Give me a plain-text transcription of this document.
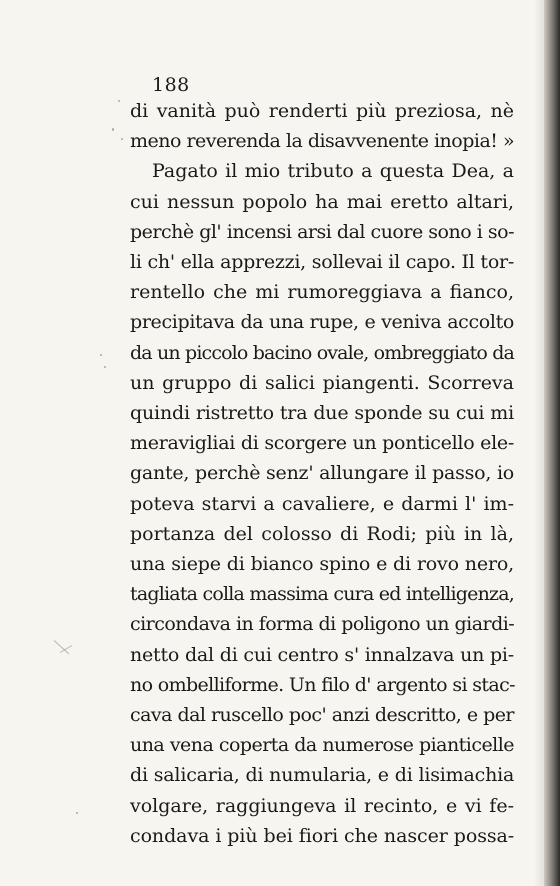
188

di vanità può renderti più preziosa, nè
meno reverenda la disavvenente inopia! »
Pagato il mio tributo a questa Dea, a
cui nessun popolo ha mai eretto altari,
perchè gl' incensi arsi dal cuore sono i so-
li ch' ella apprezzi, sollevai il capo. Il tor-
rentello che mi rumoreggiava a fianco,
precipitava da una rupe, e veniva accolto
da un piccolo bacino ovale, ombreggiato da
un gruppo di salici piangenti. Scorreva
quindi ristretto tra due sponde su cui mi
meravigliai di scorgere un ponticello ele-
gante, perchè senz' allungare il passo, io
poteva starvi a cavaliere, e darmi l' im-
portanza del colosso di Rodi; più in là,
una siepe di bianco spino e di rovo nero,
tagliata colla massima cura ed intelligenza,
circondava in forma di poligono un giardi-
netto dal di cui centro s' innalzava un pi-
no ombelliforme. Un filo d' argento si stac-
cava dal ruscello poc' anzi descritto, e per
una vena coperta da numerose pianticelle
di salicaria, di numularia, e di lisimachia
volgare, raggiungeva il recinto, e vi fe-
condava i più bei fiori che nascer possa-
